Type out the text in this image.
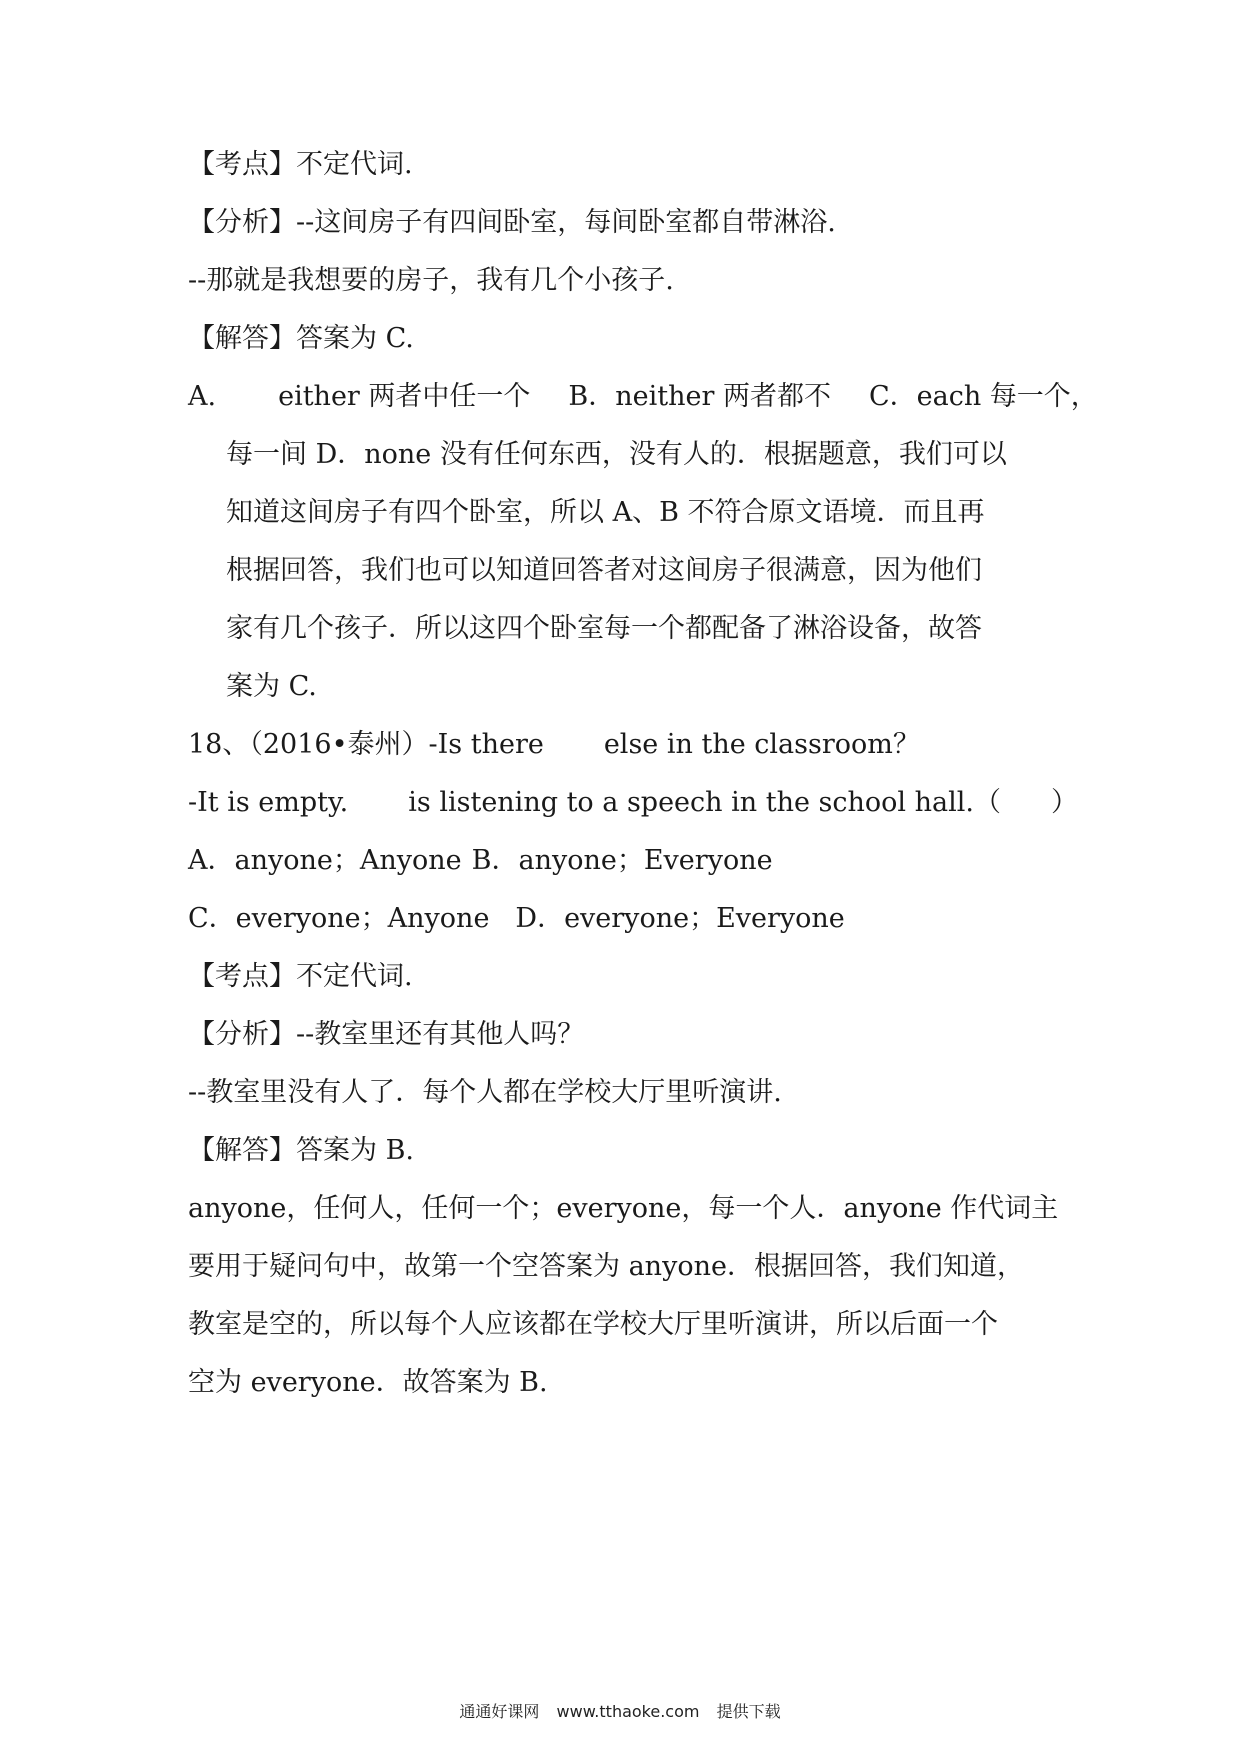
【考点】不定代词.
【分析】--这间房子有四间卧室，每间卧室都自带淋浴.
--那就是我想要的房子，我有几个小孩子.
【解答】答案为 C.
A. either 两者中任一个 B．neither 两者都不 C．each 每一个，
每一间 D．none 没有任何东西，没有人的．根据题意，我们可以
知道这间房子有四个卧室，所以 A、B 不符合原文语境．而且再
根据回答，我们也可以知道回答者对这间房子很满意，因为他们
家有几个孩子．所以这四个卧室每一个都配备了淋浴设备，故答
案为 C.
18、（2016•泰州）-Is there else in the classroom？
-It is empty. is listening to a speech in the school hall.（ ）
A．anyone；Anyone B．anyone；Everyone
C．everyone；Anyone D．everyone；Everyone
【考点】不定代词.
【分析】--教室里还有其他人吗？
--教室里没有人了．每个人都在学校大厅里听演讲.
【解答】答案为 B.
anyone，任何人，任何一个；everyone，每一个人．anyone 作代词主
要用于疑问句中，故第一个空答案为 anyone．根据回答，我们知道，
教室是空的，所以每个人应该都在学校大厅里听演讲，所以后面一个
空为 everyone．故答案为 B.
通通好课网 www.tthaoke.com 提供下载
